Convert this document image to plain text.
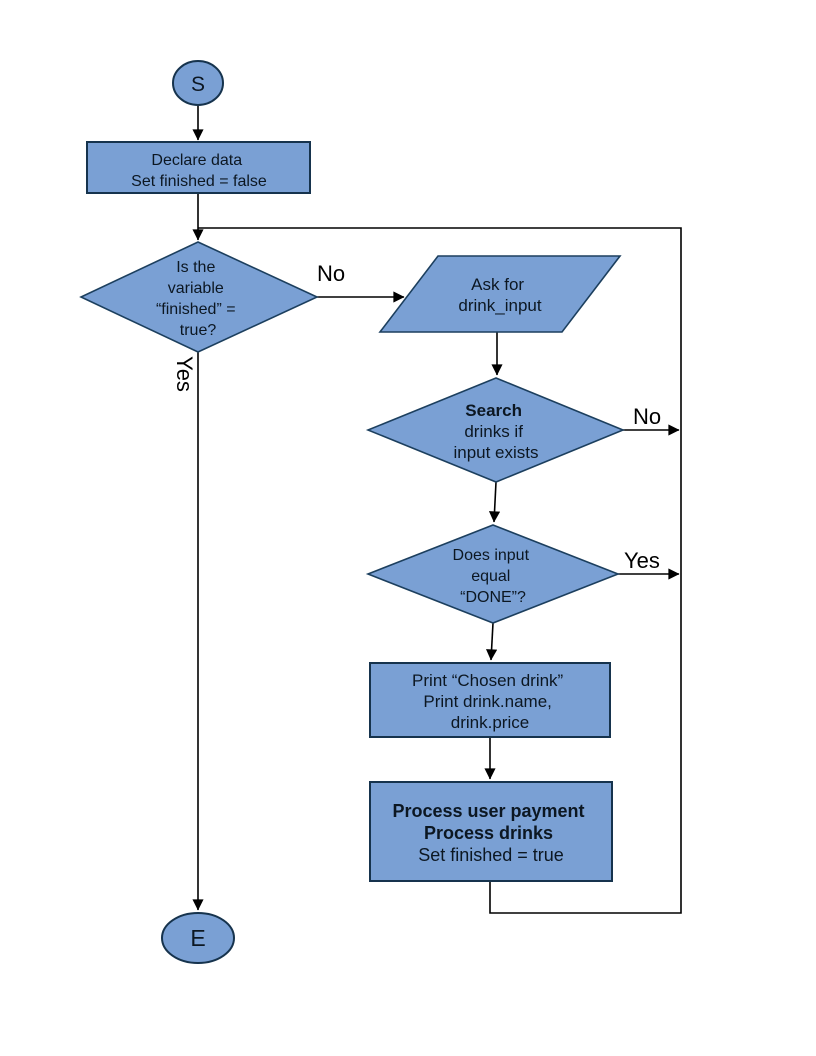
No
No
Yes
Yes
S
Declare data Set finished = false
Is the variable “finished” = true?
Ask for drink_input
Search drinks if input exists
Does input equal “DONE”?
Print “Chosen drink” Print drink.name, drink.price
Process user payment Process drinks Set finished = true
E
